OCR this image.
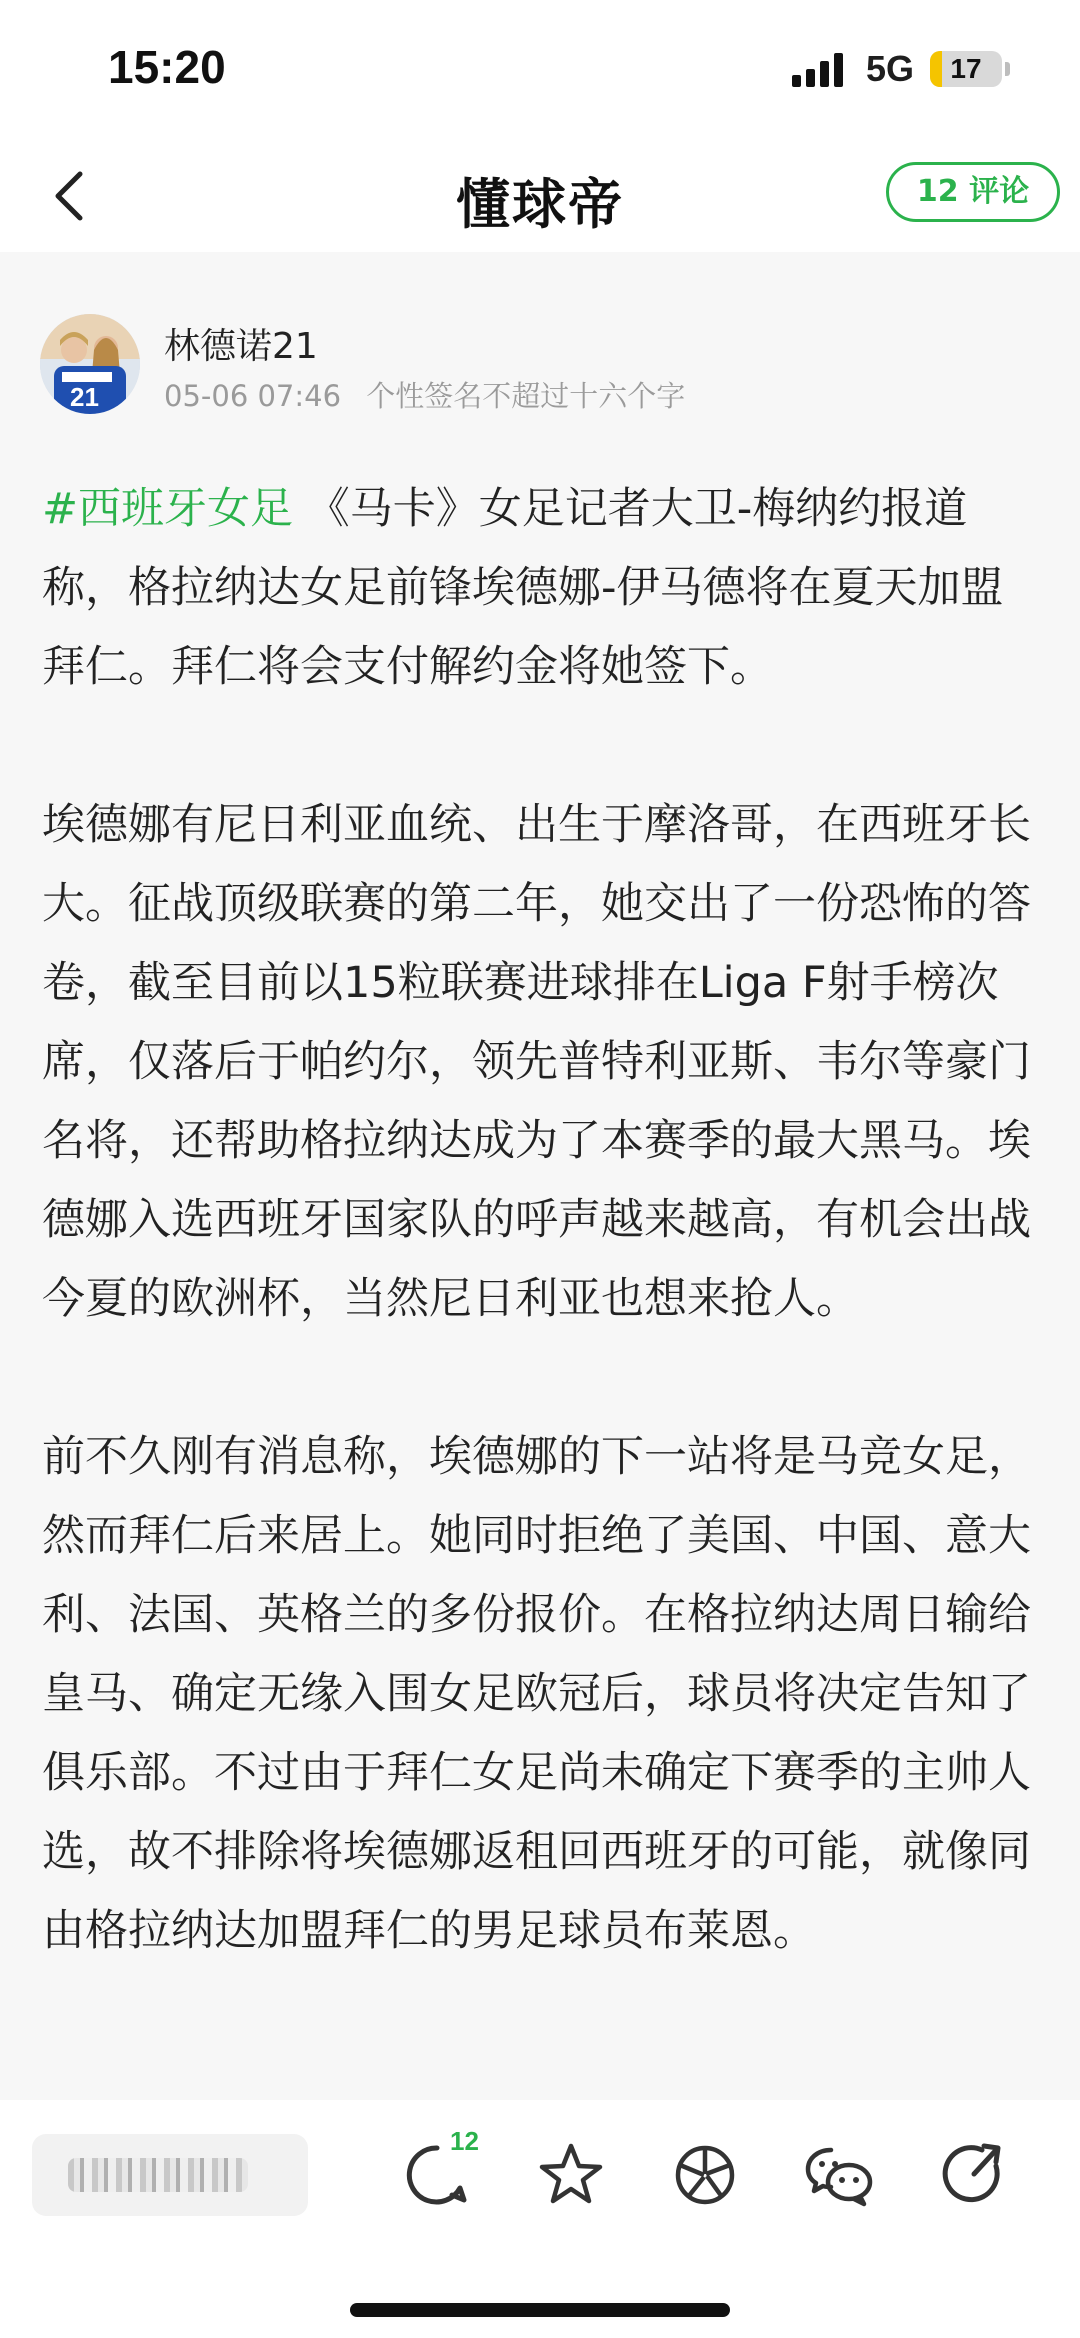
15:20	5G	17
懂球帝	12 评论
21
林德诺21
05-06 07:46 个性签名不超过十六个字

#西班牙女足 《马卡》女足记者大卫-梅纳约报道称，格拉纳达女足前锋埃德娜-伊马德将在夏天加盟拜仁。拜仁将会支付解约金将她签下。

埃德娜有尼日利亚血统、出生于摩洛哥，在西班牙长大。征战顶级联赛的第二年，她交出了一份恐怖的答卷，截至目前以15粒联赛进球排在Liga F射手榜次席，仅落后于帕约尔，领先普特利亚斯、韦尔等豪门名将，还帮助格拉纳达成为了本赛季的最大黑马。埃德娜入选西班牙国家队的呼声越来越高，有机会出战今夏的欧洲杯，当然尼日利亚也想来抢人。

前不久刚有消息称，埃德娜的下一站将是马竞女足，然而拜仁后来居上。她同时拒绝了美国、中国、意大利、法国、英格兰的多份报价。在格拉纳达周日输给皇马、确定无缘入围女足欧冠后，球员将决定告知了俱乐部。不过由于拜仁女足尚未确定下赛季的主帅人选，故不排除将埃德娜返租回西班牙的可能，就像同由格拉纳达加盟拜仁的男足球员布莱恩。

12
